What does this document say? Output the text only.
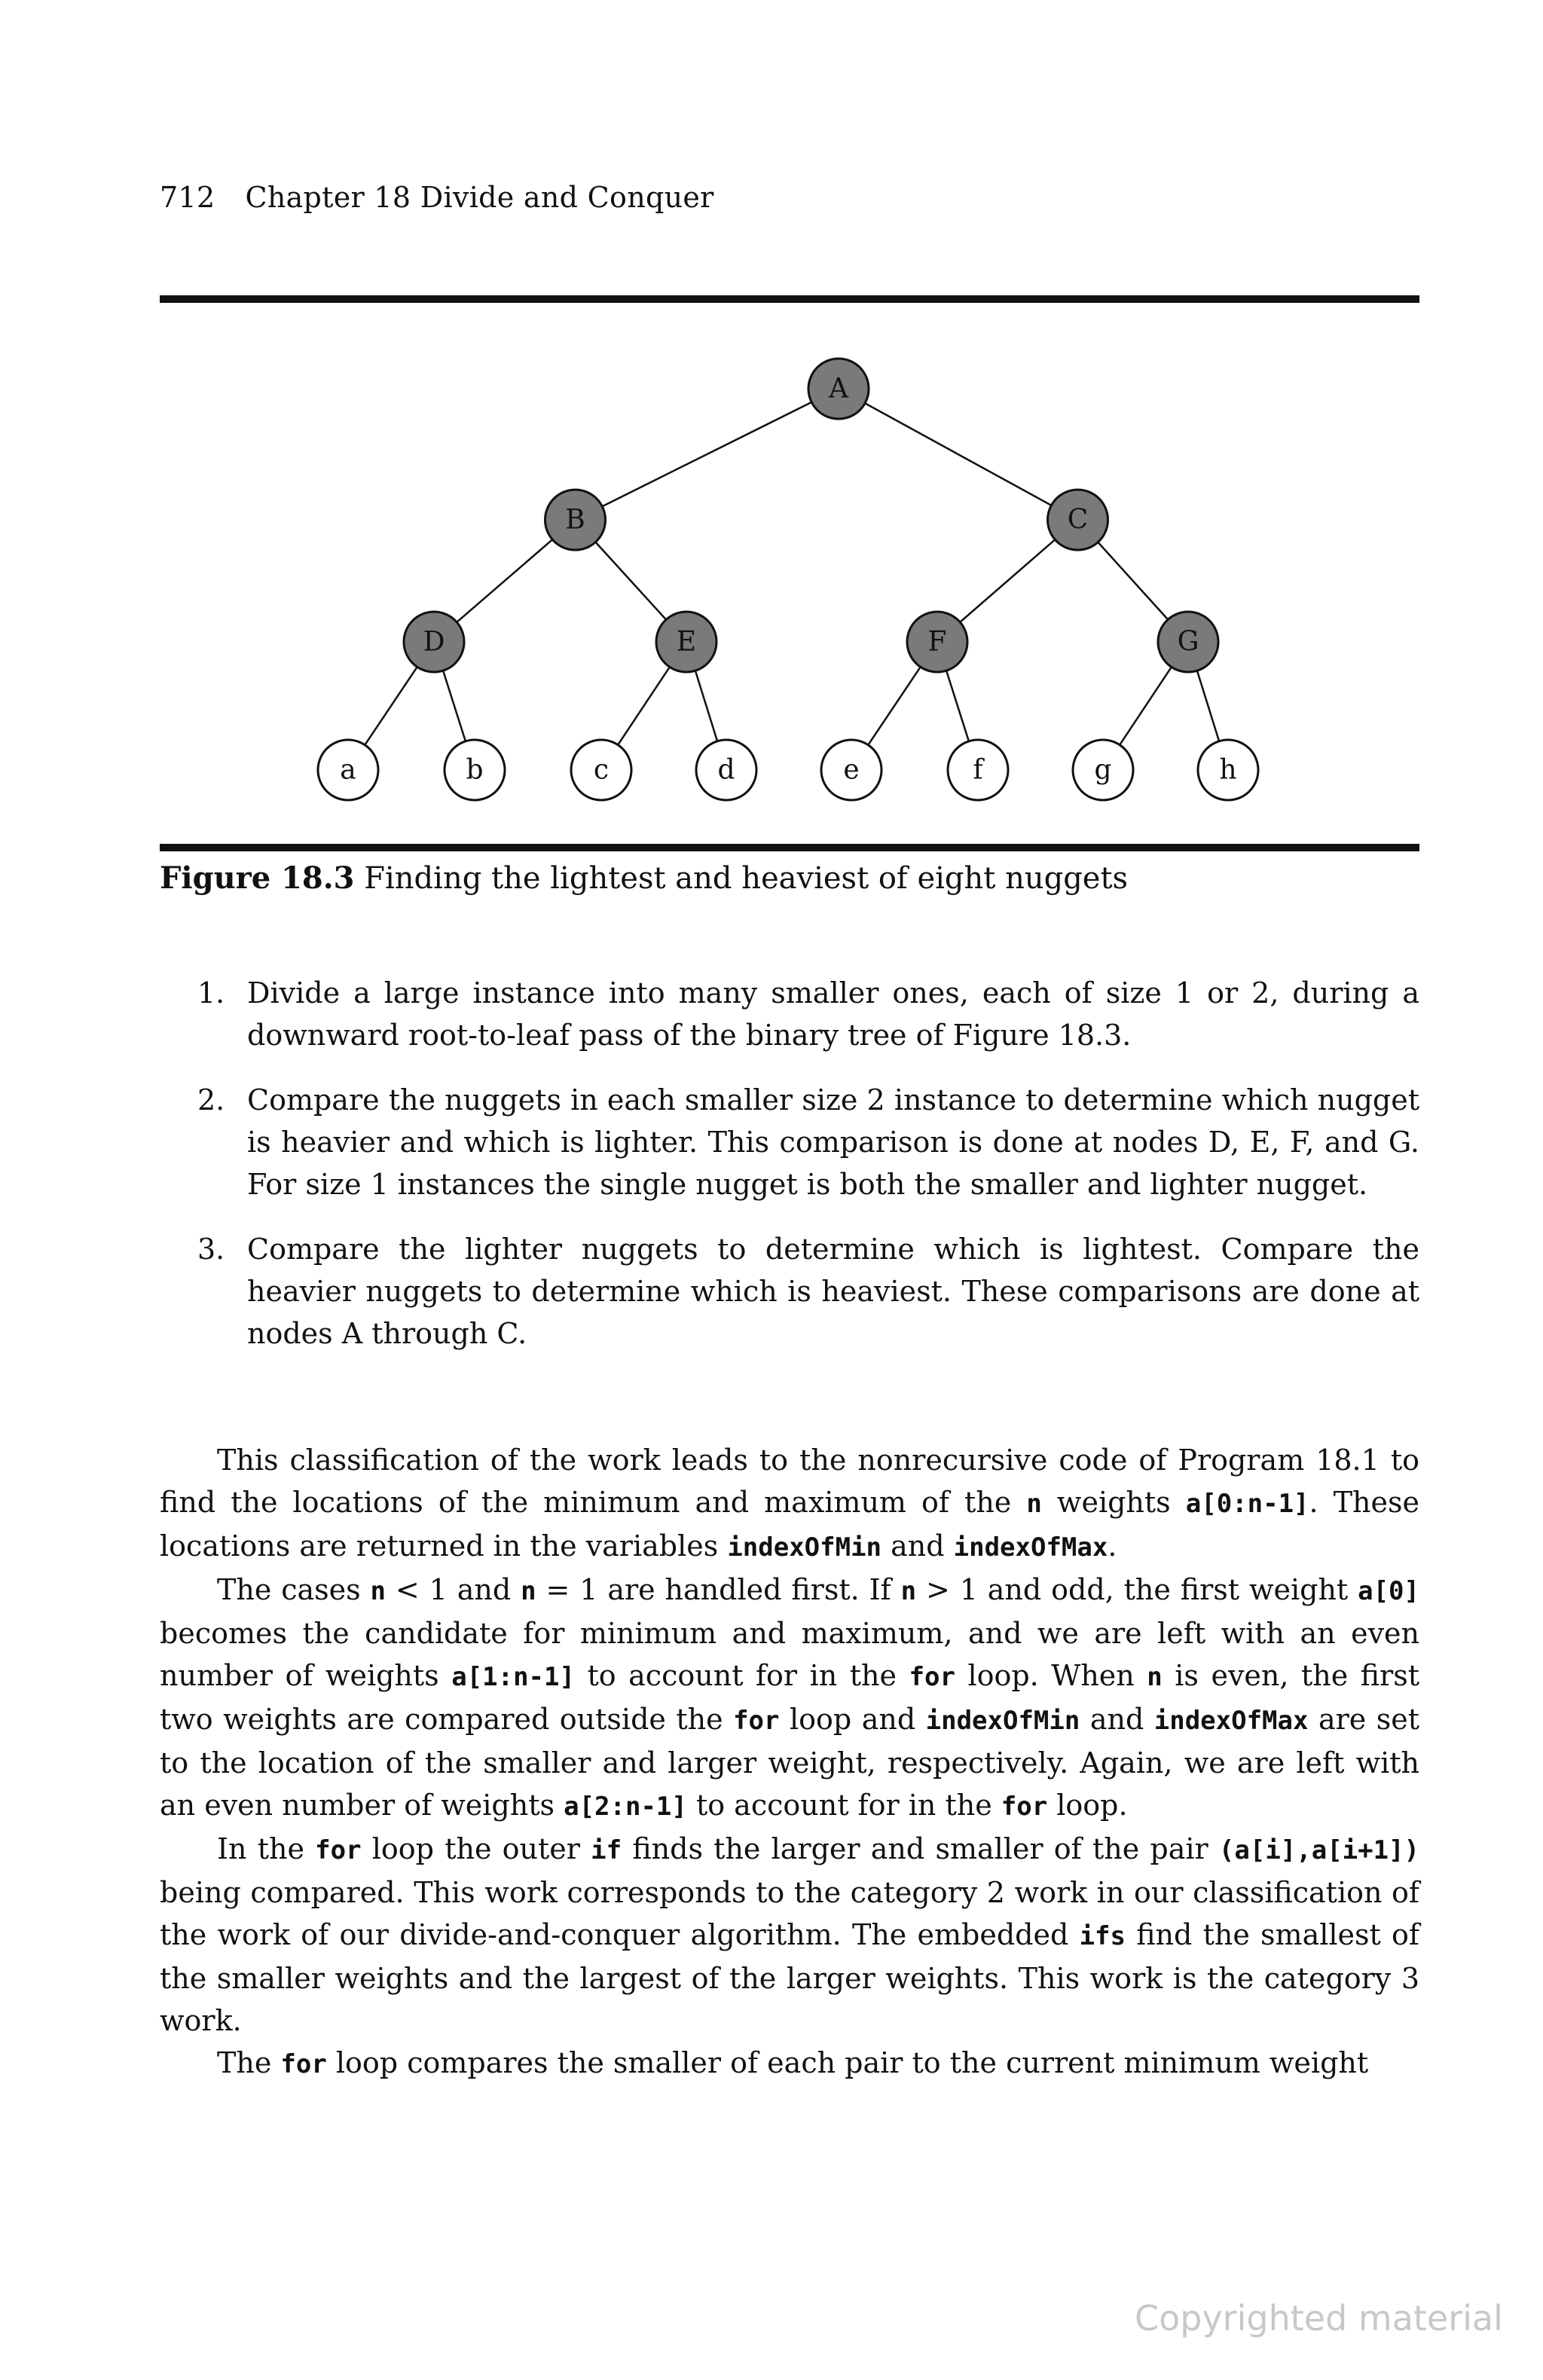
712 Chapter 18 Divide and Conquer
A
B	C
D	E	F	G
a	b	c	d	e	f	g	h
Figure 18.3 Finding the lightest and heaviest of eight nuggets
1. Divide a large instance into many smaller ones, each of size 1 or 2, during a downward root-to-leaf pass of the binary tree of Figure 18.3.
2. Compare the nuggets in each smaller size 2 instance to determine which nugget is heavier and which is lighter. This comparison is done at nodes D, E, F, and G. For size 1 instances the single nugget is both the smaller and lighter nugget.
3. Compare the lighter nuggets to determine which is lightest. Compare the heavier nuggets to determine which is heaviest. These comparisons are done at nodes A through C.

This classification of the work leads to the nonrecursive code of Program 18.1 to find the locations of the minimum and maximum of the n weights a[0:n-1]. These locations are returned in the variables indexOfMin and indexOfMax.

The cases n < 1 and n = 1 are handled first. If n > 1 and odd, the first weight a[0] becomes the candidate for minimum and maximum, and we are left with an even number of weights a[1:n-1] to account for in the for loop. When n is even, the first two weights are compared outside the for loop and indexOfMin and indexOfMax are set to the location of the smaller and larger weight, respectively. Again, we are left with an even number of weights a[2:n-1] to account for in the for loop.

In the for loop the outer if finds the larger and smaller of the pair (a[i],a[i+1]) being compared. This work corresponds to the category 2 work in our classification of the work of our divide-and-conquer algorithm. The embedded ifs find the smallest of the smaller weights and the largest of the larger weights. This work is the category 3 work.

The for loop compares the smaller of each pair to the current minimum weight

Copyrighted material
